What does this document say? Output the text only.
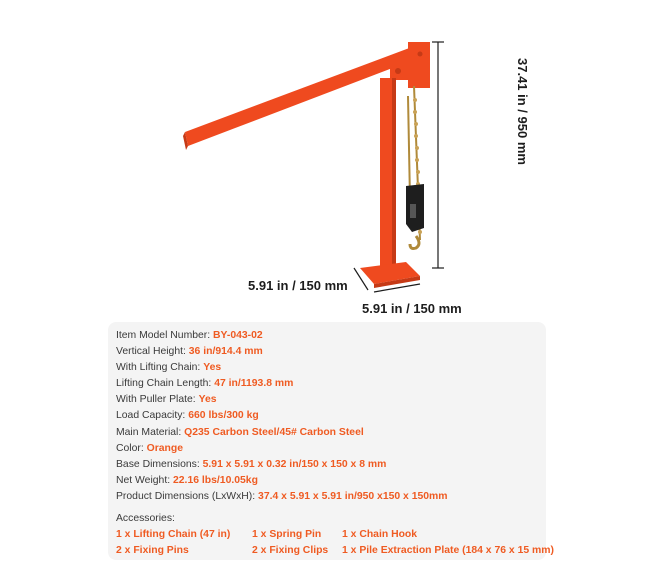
5.91 in / 150 mm
5.91 in / 150 mm
37.41 in / 950 mm
Item Model Number: BY-043-02
Vertical Height: 36 in/914.4 mm
With Lifting Chain: Yes
Lifting Chain Length: 47 in/1193.8 mm
With Puller Plate: Yes
Load Capacity: 660 lbs/300 kg
Main Material: Q235 Carbon Steel/45# Carbon Steel
Color: Orange
Base Dimensions: 5.91 x 5.91 x 0.32 in/150 x 150 x 8 mm
Net Weight: 22.16 lbs/10.05kg
Product Dimensions (LxWxH): 37.4 x 5.91 x 5.91 in/950 x150 x 150mm
Accessories:
1 x Lifting Chain (47 in)	1 x Spring Pin	1 x Chain Hook
2 x Fixing Pins	2 x Fixing Clips	1 x Pile Extraction Plate (184 x 76 x 15 mm)
